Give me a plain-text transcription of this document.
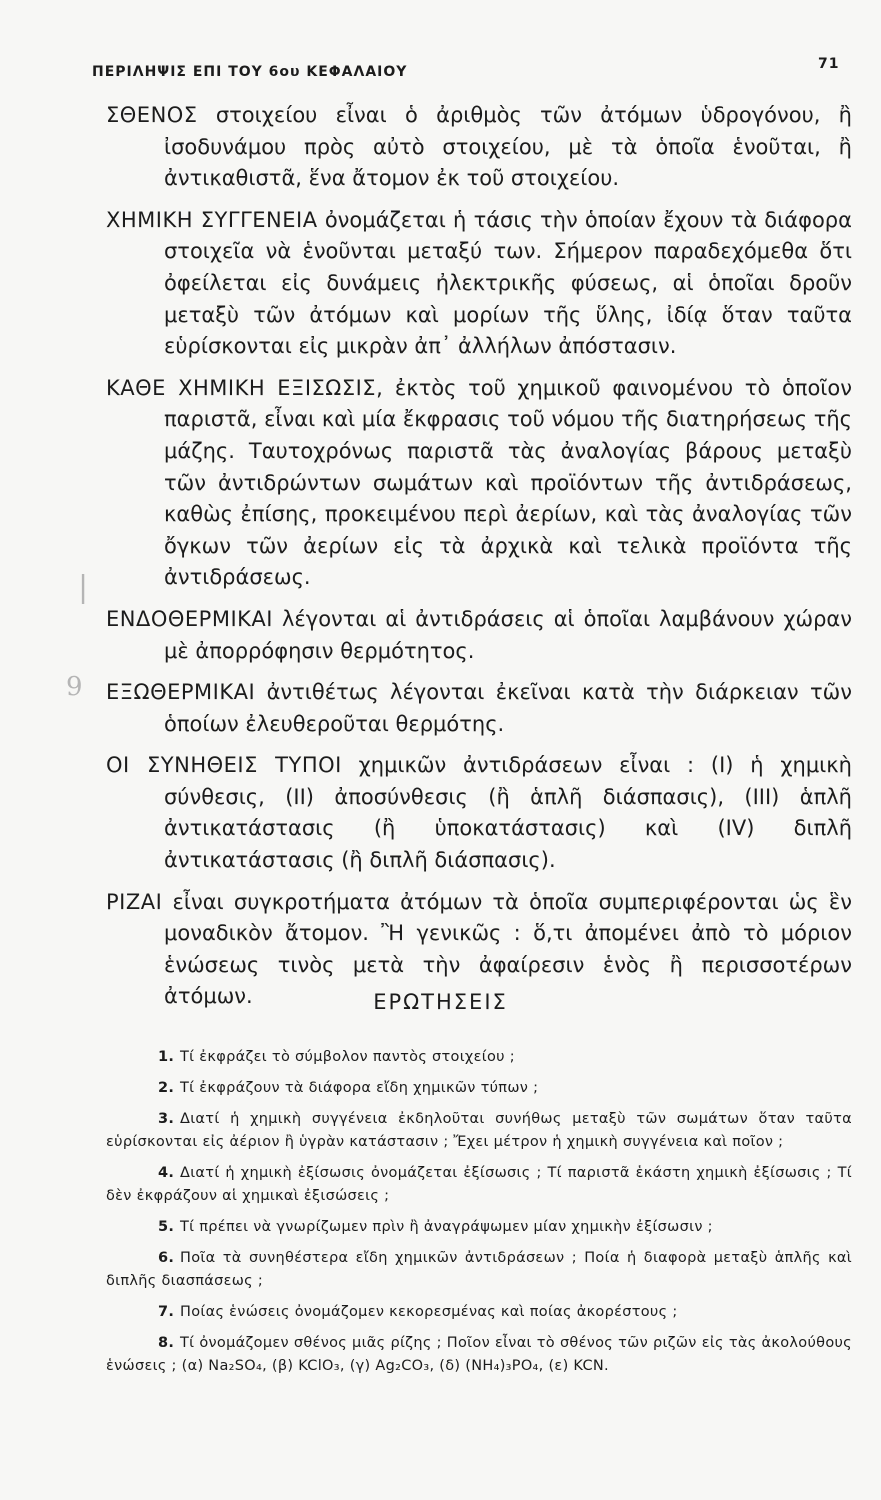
ΠΕΡΙΛΗΨΙΣ ΕΠΙ ΤΟΥ 6ου ΚΕΦΑΛΑΙΟΥ	71
|
9

ΣΘΕΝΟΣ στοιχείου εἶναι ὁ ἀριθμὸς τῶν ἀτόμων ὑδρογόνου, ἢ ἰσοδυνάμου πρὸς αὐτὸ στοιχείου, μὲ τὰ ὁποῖα ἑνοῦται, ἢ ἀντικαθιστᾶ, ἕνα ἄτομον ἐκ τοῦ στοιχείου.

ΧΗΜΙΚΗ ΣΥΓΓΕΝΕΙΑ ὀνομάζεται ἡ τάσις τὴν ὁποίαν ἔχουν τὰ διάφορα στοιχεῖα νὰ ἑνοῦνται μεταξύ των. Σήμερον παραδεχόμεθα ὅτι ὀφείλεται εἰς δυνάμεις ἠλεκτρικῆς φύσεως, αἱ ὁποῖαι δροῦν μεταξὺ τῶν ἀτόμων καὶ μορίων τῆς ὕλης, ἰδίᾳ ὅταν ταῦτα εὑρίσκονται εἰς μικρὰν ἀπ᾿ ἀλλήλων ἀπόστασιν.

ΚΑΘΕ ΧΗΜΙΚΗ ΕΞΙΣΩΣΙΣ, ἐκτὸς τοῦ χημικοῦ φαινομένου τὸ ὁποῖον παριστᾶ, εἶναι καὶ μία ἔκφρασις τοῦ νόμου τῆς διατηρήσεως τῆς μάζης. Ταυτοχρόνως παριστᾶ τὰς ἀναλογίας βάρους μεταξὺ τῶν ἀντιδρώντων σωμάτων καὶ προϊόντων τῆς ἀντιδράσεως, καθὼς ἐπίσης, προκειμένου περὶ ἀερίων, καὶ τὰς ἀναλογίας τῶν ὄγκων τῶν ἀερίων εἰς τὰ ἀρχικὰ καὶ τελικὰ προϊόντα τῆς ἀντιδράσεως.

ΕΝΔΟΘΕΡΜΙΚΑΙ λέγονται αἱ ἀντιδράσεις αἱ ὁποῖαι λαμβάνουν χώραν μὲ ἀπορρόφησιν θερμότητος.

ΕΞΩΘΕΡΜΙΚΑΙ ἀντιθέτως λέγονται ἐκεῖναι κατὰ τὴν διάρκειαν τῶν ὁποίων ἐλευθεροῦται θερμότης.

ΟΙ ΣΥΝΗΘΕΙΣ ΤΥΠΟΙ χημικῶν ἀντιδράσεων εἶναι : (Ι) ἡ χημικὴ σύνθεσις, (ΙΙ) ἀποσύνθεσις (ἢ ἁπλῆ διάσπασις), (ΙΙΙ) ἁπλῆ ἀντικατάστασις (ἢ ὑποκατάστασις) καὶ (ΙV) διπλῆ ἀντικατάστασις (ἢ διπλῆ διάσπασις).

ΡΙΖΑΙ εἶναι συγκροτήματα ἀτόμων τὰ ὁποῖα συμπεριφέρονται ὡς ἓν μοναδικὸν ἄτομον. Ἢ γενικῶς : ὅ,τι ἀπομένει ἀπὸ τὸ μόριον ἑνώσεως τινὸς μετὰ τὴν ἀφαίρεσιν ἑνὸς ἢ περισσοτέρων ἀτόμων.	ΕΡΩΤΗΣΕΙΣ

1. Τί ἐκφράζει τὸ σύμβολον παντὸς στοιχείου ;

2. Τί ἐκφράζουν τὰ διάφορα εἴδη χημικῶν τύπων ;

3. Διατί ἡ χημικὴ συγγένεια ἐκδηλοῦται συνήθως μεταξὺ τῶν σωμάτων ὅταν ταῦτα εὑρίσκονται εἰς ἀέριον ἢ ὑγρὰν κατάστασιν ; Ἔχει μέτρον ἡ χημικὴ συγγένεια καὶ ποῖον ;

4. Διατί ἡ χημικὴ ἐξίσωσις ὀνομάζεται ἐξίσωσις ; Τί παριστᾶ ἑκάστη χημικὴ ἐξίσωσις ; Τί δὲν ἐκφράζουν αἱ χημικαὶ ἐξισώσεις ;

5. Τί πρέπει νὰ γνωρίζωμεν πρὶν ἢ ἀναγράψωμεν μίαν χημικὴν ἐξίσωσιν ;

6. Ποῖα τὰ συνηθέστερα εἴδη χημικῶν ἀντιδράσεων ; Ποία ἡ διαφορὰ μεταξὺ ἁπλῆς καὶ διπλῆς διασπάσεως ;

7. Ποίας ἑνώσεις ὀνομάζομεν κεκορεσμένας καὶ ποίας ἀκορέστους ;

8. Τί ὀνομάζομεν σθένος μιᾶς ρίζης ; Ποῖον εἶναι τὸ σθένος τῶν ριζῶν εἰς τὰς ἀκολούθους ἑνώσεις ; (α) Na₂SO₄, (β) KClO₃, (γ) Ag₂CO₃, (δ) (NH₄)₃PO₄, (ε) KCN.
